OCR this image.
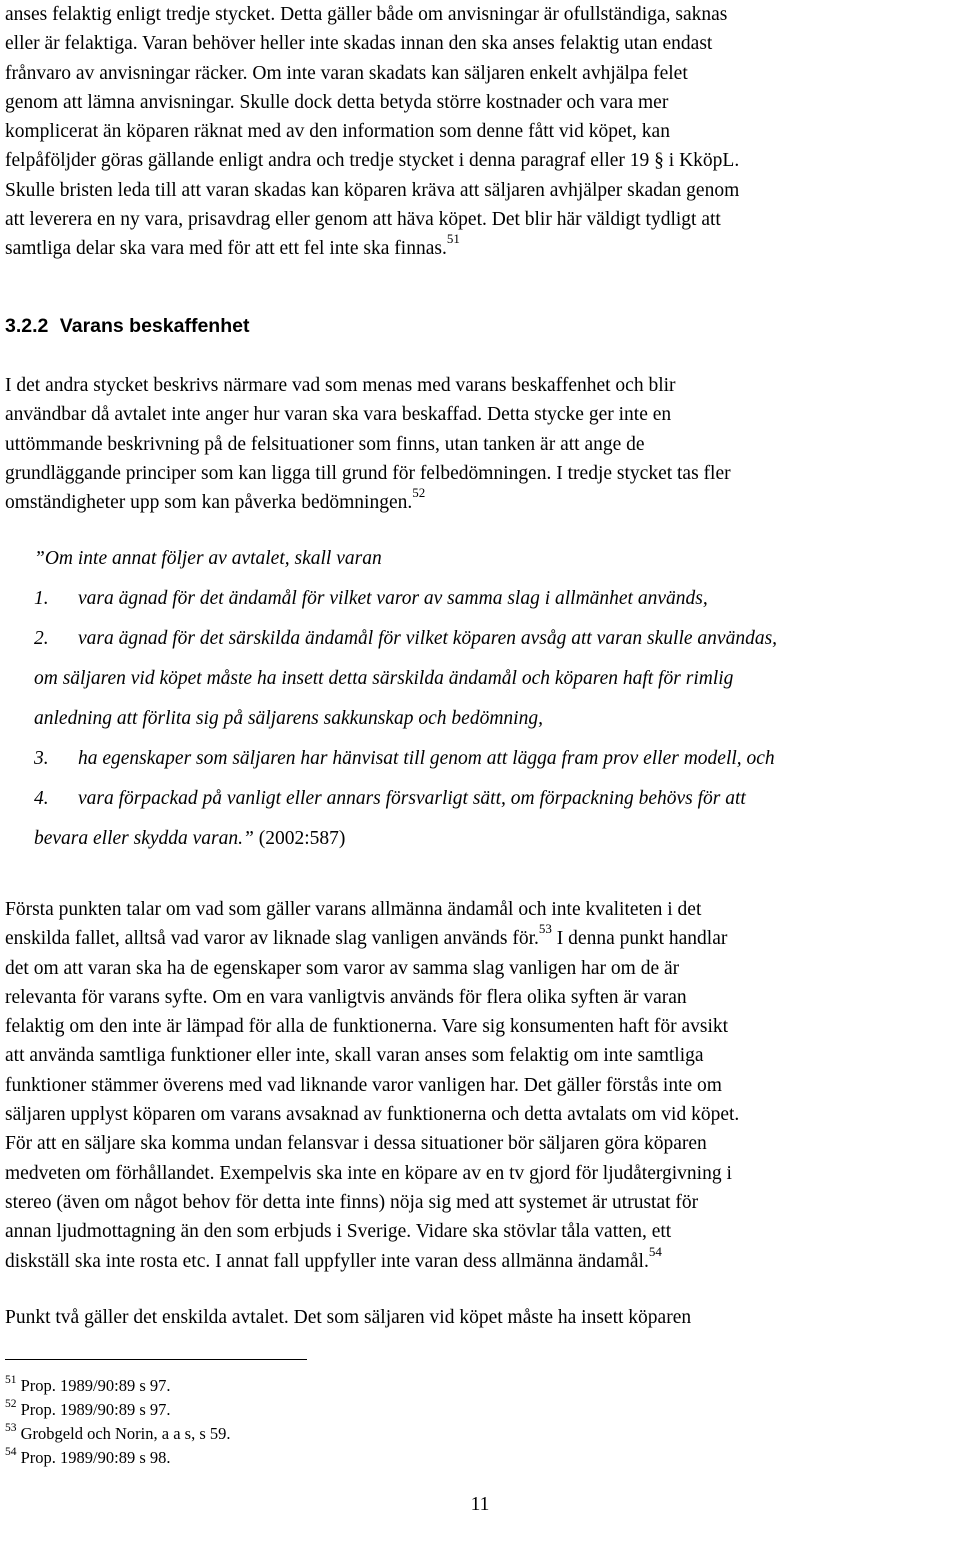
anses felaktig enligt tredje stycket. Detta gäller både om anvisningar är ofullständiga, saknas
eller är felaktiga. Varan behöver heller inte skadas innan den ska anses felaktig utan endast
frånvaro av anvisningar räcker. Om inte varan skadats kan säljaren enkelt avhjälpa felet
genom att lämna anvisningar. Skulle dock detta betyda större kostnader och vara mer
komplicerat än köparen räknat med av den information som denne fått vid köpet, kan
felpåföljder göras gällande enligt andra och tredje stycket i denna paragraf eller 19 § i KköpL.
Skulle bristen leda till att varan skadas kan köparen kräva att säljaren avhjälper skadan genom
att leverera en ny vara, prisavdrag eller genom att häva köpet. Det blir här väldigt tydligt att
samtliga delar ska vara med för att ett fel inte ska finnas.$^{51}$
3.2.2 Varans beskaffenhet
I det andra stycket beskrivs närmare vad som menas med varans beskaffenhet och blir
användbar då avtalet inte anger hur varan ska vara beskaffad. Detta stycke ger inte en
uttömmande beskrivning på de felsituationer som finns, utan tanken är att ange de
grundläggande principer som kan ligga till grund för felbedömningen. I tredje stycket tas fler
omständigheter upp som kan påverka bedömningen.$^{52}$
”Om inte annat följer av avtalet, skall varan
1. vara ägnad för det ändamål för vilket varor av samma slag i allmänhet används,
2. vara ägnad för det särskilda ändamål för vilket köparen avsåg att varan skulle användas,
om säljaren vid köpet måste ha insett detta särskilda ändamål och köparen haft för rimlig
anledning att förlita sig på säljarens sakkunskap och bedömning,
3. ha egenskaper som säljaren har hänvisat till genom att lägga fram prov eller modell, och
4. vara förpackad på vanligt eller annars försvarligt sätt, om förpackning behövs för att
bevara eller skydda varan.” (2002:587)
Första punkten talar om vad som gäller varans allmänna ändamål och inte kvaliteten i det
enskilda fallet, alltså vad varor av liknade slag vanligen används för.$^{53}$ I denna punkt handlar
det om att varan ska ha de egenskaper som varor av samma slag vanligen har om de är
relevanta för varans syfte. Om en vara vanligtvis används för flera olika syften är varan
felaktig om den inte är lämpad för alla de funktionerna. Vare sig konsumenten haft för avsikt
att använda samtliga funktioner eller inte, skall varan anses som felaktig om inte samtliga
funktioner stämmer överens med vad liknande varor vanligen har. Det gäller förstås inte om
säljaren upplyst köparen om varans avsaknad av funktionerna och detta avtalats om vid köpet.
För att en säljare ska komma undan felansvar i dessa situationer bör säljaren göra köparen
medveten om förhållandet. Exempelvis ska inte en köpare av en tv gjord för ljudåtergivning i
stereo (även om något behov för detta inte finns) nöja sig med att systemet är utrustat för
annan ljudmottagning än den som erbjuds i Sverige. Vidare ska stövlar tåla vatten, ett
diskställ ska inte rosta etc. I annat fall uppfyller inte varan dess allmänna ändamål.$^{54}$
Punkt två gäller det enskilda avtalet. Det som säljaren vid köpet måste ha insett köparen
$^{51}$ Prop. 1989/90:89 s 97.
$^{52}$ Prop. 1989/90:89 s 97.
$^{53}$ Grobgeld och Norin, a a s, s 59.
$^{54}$ Prop. 1989/90:89 s 98.
11
